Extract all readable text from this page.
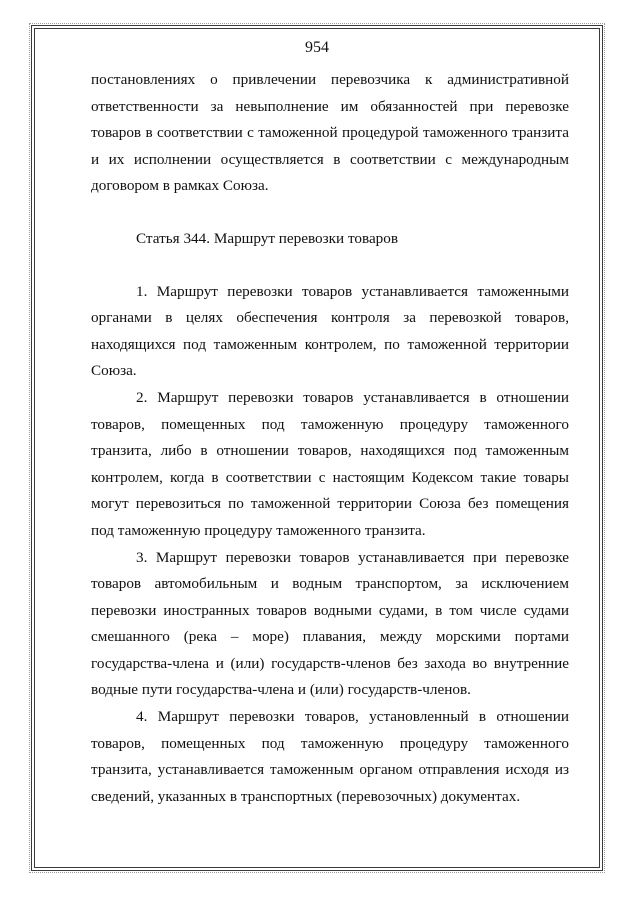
954

постановлениях о привлечении перевозчика к административной ответственности за невыполнение им обязанностей при перевозке товаров в соответствии с таможенной процедурой таможенного транзита и их исполнении осуществляется в соответствии с международным договором в рамках Союза.

Статья 344. Маршрут перевозки товаров

1. Маршрут перевозки товаров устанавливается таможенными органами в целях обеспечения контроля за перевозкой товаров, находящихся под таможенным контролем, по таможенной территории Союза.

2. Маршрут перевозки товаров устанавливается в отношении товаров, помещенных под таможенную процедуру таможенного транзита, либо в отношении товаров, находящихся под таможенным контролем, когда в соответствии с настоящим Кодексом такие товары могут перевозиться по таможенной территории Союза без помещения под таможенную процедуру таможенного транзита.

3. Маршрут перевозки товаров устанавливается при перевозке товаров автомобильным и водным транспортом, за исключением перевозки иностранных товаров водными судами, в том числе судами смешанного (река – море) плавания, между морскими портами государства-члена и (или) государств-членов без захода во внутренние водные пути государства-члена и (или) государств-членов.

4. Маршрут перевозки товаров, установленный в отношении товаров, помещенных под таможенную процедуру таможенного транзита, устанавливается таможенным органом отправления исходя из сведений, указанных в транспортных (перевозочных) документах.
